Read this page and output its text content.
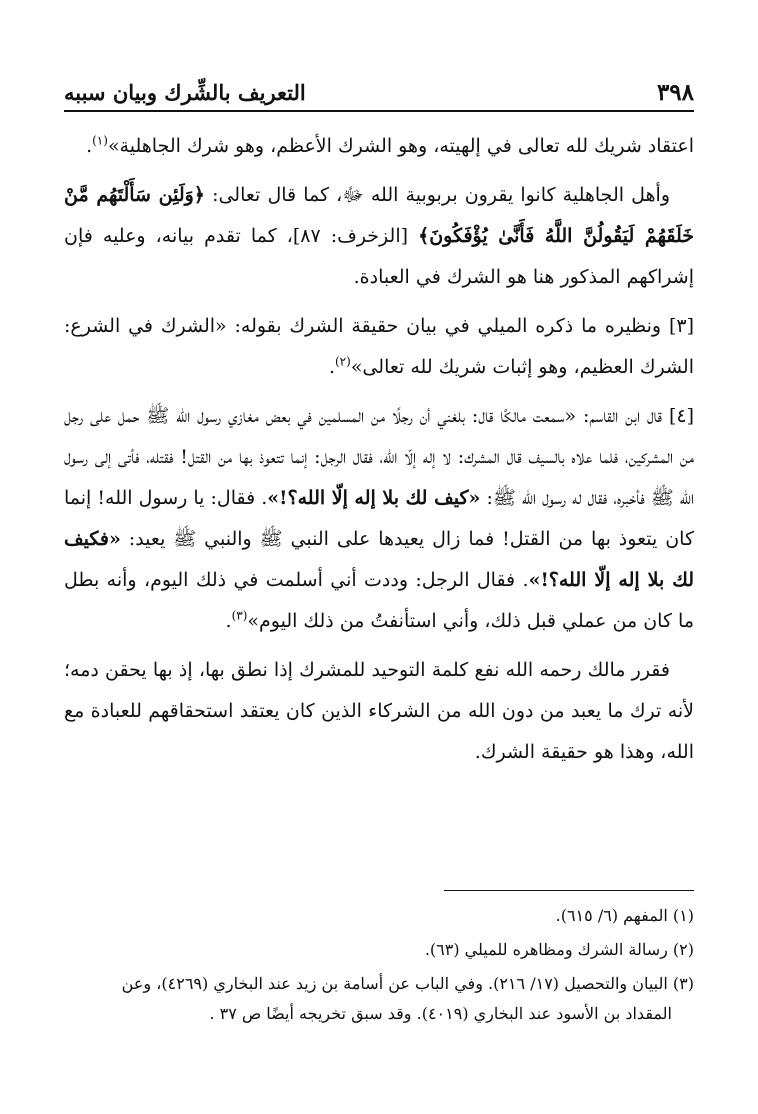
٣٩٨
التعريف بالشِّرك وبيان سببه

اعتقاد شريك لله تعالى في إلهيته، وهو الشرك الأعظم، وهو شرك الجاهلية»$^{(١)}$.

وأهل الجاهلية كانوا يقرون بربوبية الله ﷻ، كما قال تعالى: ﴿وَلَئِن سَأَلْتَهُم مَّنْ خَلَقَهُمْ لَيَقُولُنَّ اللَّهُ فَأَنَّىٰ يُؤْفَكُونَ﴾ [الزخرف: ٨٧]، كما تقدم بيانه، وعليه فإن إشراكهم المذكور هنا هو الشرك في العبادة.

[٣] ونظيره ما ذكره الميلي في بيان حقيقة الشرك بقوله: «الشرك في الشرع: الشرك العظيم، وهو إثبات شريك لله تعالى»$^{(٢)}$.

[٤] قال ابن القاسم: «سمعت مالكًا قال: بلغني أن رجلًا من المسلمين في بعض مغازي رسول الله ﷺ حمل على رجل من المشركين، فلما علاه بالسيف قال المشرك: لا إله إلّا الله، فقال الرجل: إنما تتعوذ بها من القتل! فقتله، فأتى إلى رسول الله ﷺ فأخبره، فقال له رسول الله ﷺ: «كيف لك بلا إله إلّا الله؟!». فقال: يا رسول الله! إنما كان يتعوذ بها من القتل! فما زال يعيدها على النبي ﷺ والنبي ﷺ يعيد: «فكيف لك بلا إله إلّا الله؟!». فقال الرجل: وددت أني أسلمت في ذلك اليوم، وأنه بطل ما كان من عملي قبل ذلك، وأني استأنفتُ من ذلك اليوم»$^{(٣)}$.

فقرر مالك رحمه الله نفع كلمة التوحيد للمشرك إذا نطق بها، إذ بها يحقن دمه؛ لأنه ترك ما يعبد من دون الله من الشركاء الذين كان يعتقد استحقاقهم للعبادة مع الله، وهذا هو حقيقة الشرك.

(١) المفهم (٦/ ٦١٥).

(٢) رسالة الشرك ومظاهره للميلي (٦٣).

(٣) البيان والتحصيل (١٧/ ٢١٦). وفي الباب عن أسامة بن زيد عند البخاري (٤٢٦٩)، وعن

المقداد بن الأسود عند البخاري (٤٠١٩). وقد سبق تخريجه أيضًا ص ٣٧ .
